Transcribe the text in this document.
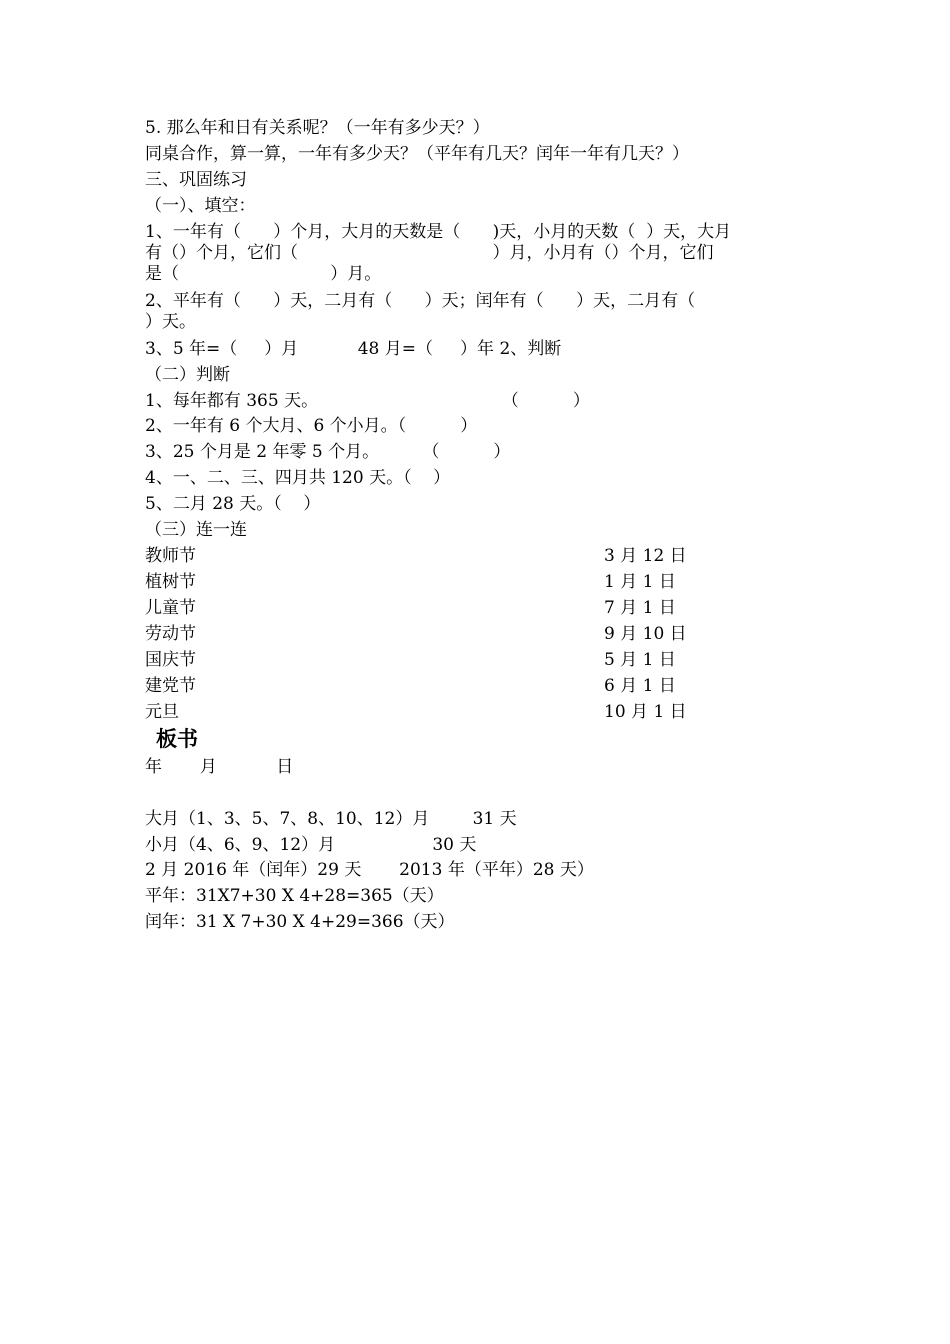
5. 那么年和日有关系呢？（一年有多少天？）
同桌合作，算一算，一年有多少天？（平年有几天？闰年一年有几天？）
三、巩固练习
（一）、填空：
1、一年有（      ）个月，大月的天数是（      )天，小月的天数（  ）天，大月
有（）个月，它们（                                    ）月，小月有（）个月，它们
是（                            ）月。
2、平年有（      ）天，二月有（      ）天；闰年有（      ）天，二月有（
）天。
3、5 年=（     ）月           48 月=（     ）年 2、判断
（二）判断
1、每年都有 365 天。                                  （          ）
2、一年有 6 个大月、6 个小月。（          ）
3、25 个月是 2 年零 5 个月。        （          ）
4、一、二、三、四月共 120 天。（    ）
5、二月 28 天。（    ）
（三）连一连
教师节
植树节
儿童节
劳动节
国庆节
建党节
元旦
3 月 12 日
1 月 1 日
7 月 1 日
9 月 10 日
5 月 1 日
6 月 1 日
10 月 1 日
板书
年       月           日
大月（1、3、5、7、8、10、12）月        31 天
小月（4、6、9、12）月                  30 天
2 月 2016 年（闰年）29 天       2013 年（平年）28 天）
平年：31X7+30 X 4+28=365（天）
闰年：31 X 7+30 X 4+29=366（天）
